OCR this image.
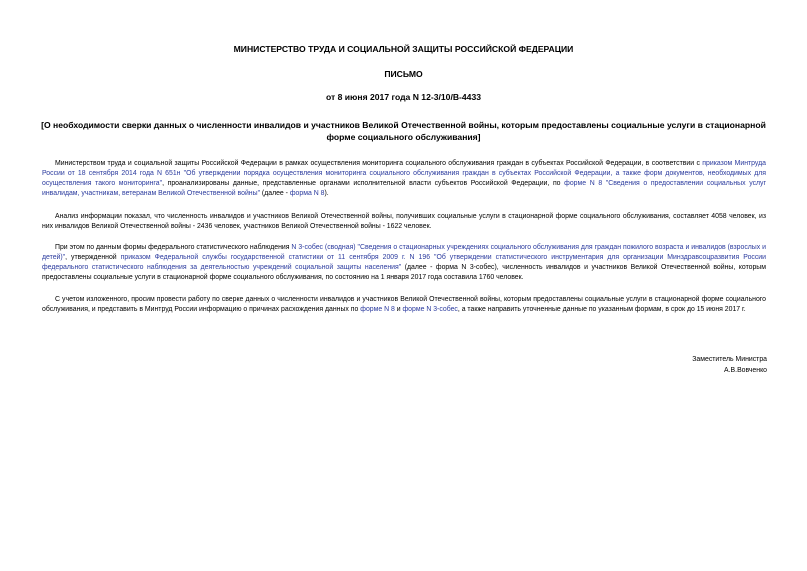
МИНИСТЕРСТВО ТРУДА И СОЦИАЛЬНОЙ ЗАЩИТЫ РОССИЙСКОЙ ФЕДЕРАЦИИ
ПИСЬМО
от 8 июня 2017 года N 12-3/10/В-4433
[О необходимости сверки данных о численности инвалидов и участников Великой Отечественной войны, которым предоставлены социальные услуги в стационарной форме социального обслуживания]
Министерством труда и социальной защиты Российской Федерации в рамках осуществления мониторинга социального обслуживания граждан в субъектах Российской Федерации, в соответствии с приказом Минтруда России от 18 сентября 2014 года N 651н "Об утверждении порядка осуществления мониторинга социального обслуживания граждан в субъектах Российской Федерации, а также форм документов, необходимых для осуществления такого мониторинга", проанализированы данные, представленные органами исполнительной власти субъектов Российской Федерации, по форме N 8 "Сведения о предоставлении социальных услуг инвалидам, участникам, ветеранам Великой Отечественной войны" (далее - форма N 8).
Анализ информации показал, что численность инвалидов и участников Великой Отечественной войны, получивших социальные услуги в стационарной форме социального обслуживания, составляет 4058 человек, из них инвалидов Великой Отечественной войны - 2436 человек, участников Великой Отечественной войны - 1622 человек.
При этом по данным формы федерального статистического наблюдения N 3-собес (сводная) "Сведения о стационарных учреждениях социального обслуживания для граждан пожилого возраста и инвалидов (взрослых и детей)", утвержденной приказом Федеральной службы государственной статистики от 11 сентября 2009 г. N 196 "Об утверждении статистического инструментария для организации Минздравсоцразвития России федерального статистического наблюдения за деятельностью учреждений социальной защиты населения" (далее - форма N 3-собес), численность инвалидов и участников Великой Отечественной войны, которым предоставлены социальные услуги в стационарной форме социального обслуживания, по состоянию на 1 января 2017 года составила 1760 человек.
С учетом изложенного, просим провести работу по сверке данных о численности инвалидов и участников Великой Отечественной войны, которым предоставлены социальные услуги в стационарной форме социального обслуживания, и представить в Минтруд России информацию о причинах расхождения данных по форме N 8 и форме N 3-собес, а также направить уточненные данные по указанным формам, в срок до 15 июня 2017 г.
Заместитель Министра
А.В.Вовченко
